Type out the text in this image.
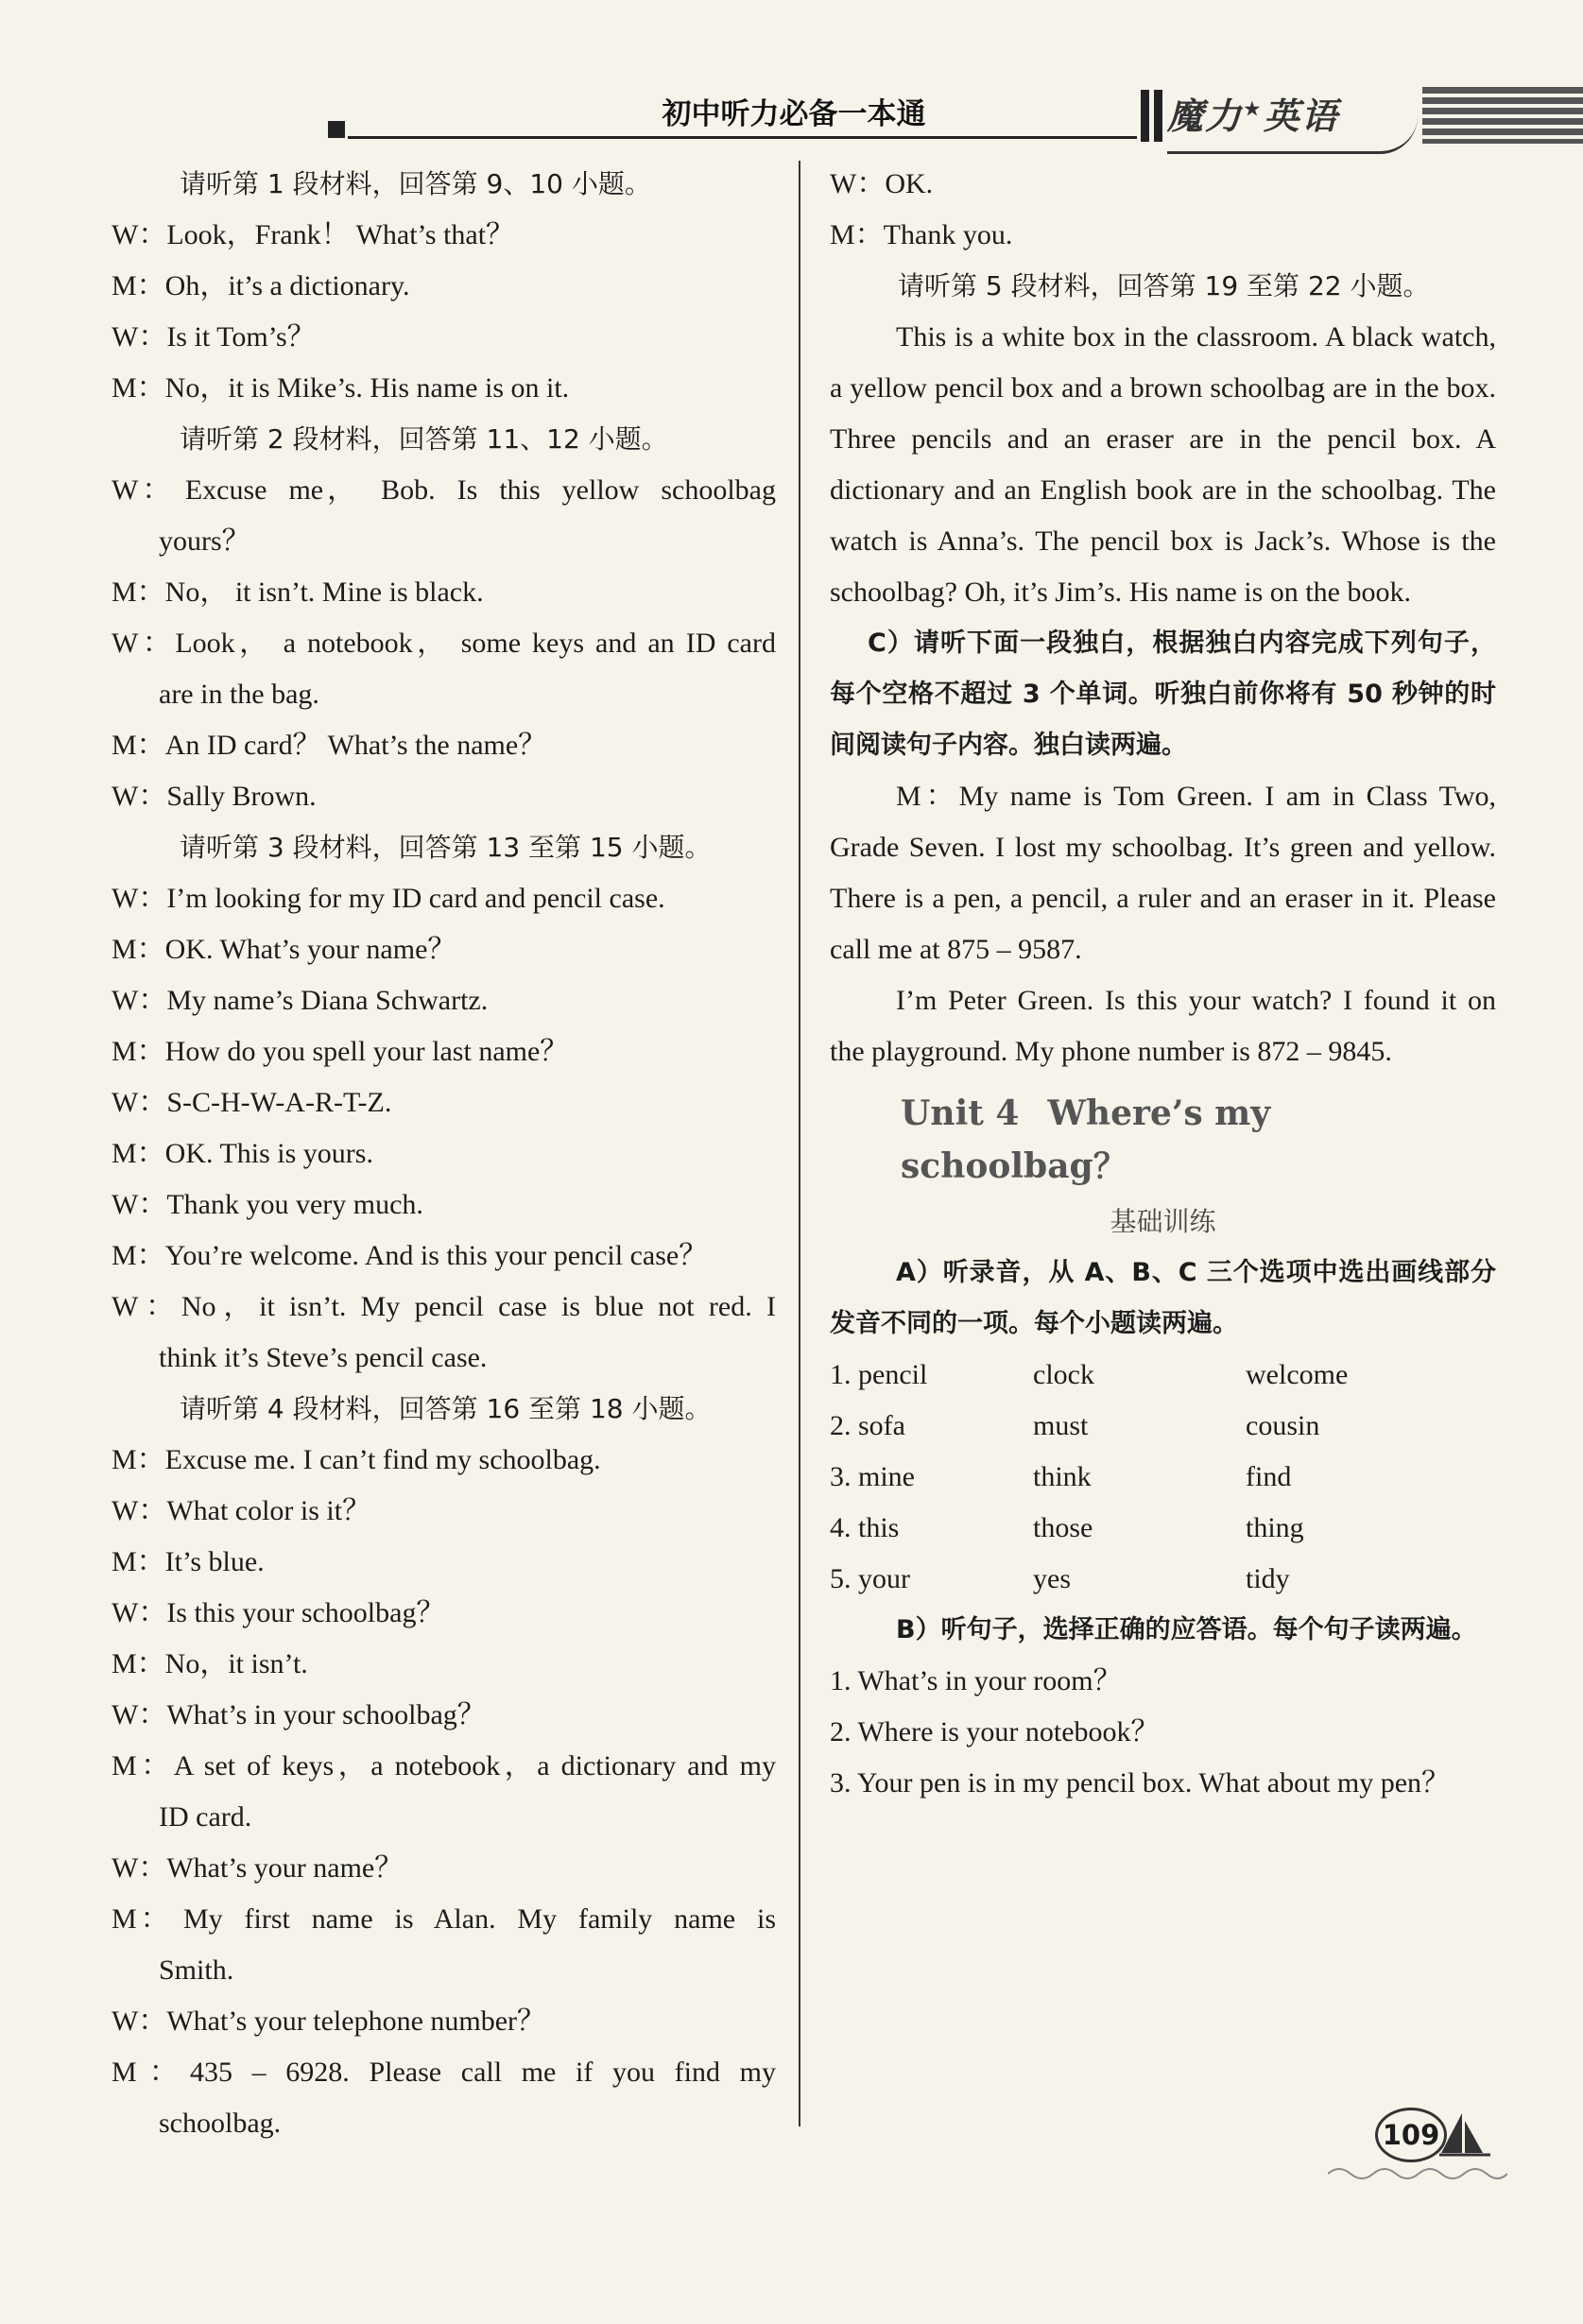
初中听力必备一本通	魔力★英语
请听第 1 段材料，回答第 9、10 小题。
W：Look，Frank！ What’s that？
M：Oh，it’s a dictionary.
W：Is it Tom’s？
M：No，it is Mike’s. His name is on it.
请听第 2 段材料，回答第 11、12 小题。
W： Excuse  me，  Bob.  Is  this  yellow  schoolbag
yours？
M：No， it isn’t. Mine is black.
W：Look， a notebook， some keys and an ID card
are in the bag.
M：An ID card？ What’s the name？
W：Sally Brown.
请听第 3 段材料，回答第 13 至第 15 小题。
W：I’m looking for my ID card and pencil case.
M：OK. What’s your name？
W：My name’s Diana Schwartz.
M：How do you spell your last name？
W：S-C-H-W-A-R-T-Z.
M：OK. This is yours.
W：Thank you very much.
M：You’re welcome. And is this your pencil case？
W：No，it isn’t. My pencil case is blue not red. I
think it’s Steve’s pencil case.
请听第 4 段材料，回答第 16 至第 18 小题。
M：Excuse me. I can’t find my schoolbag.
W：What color is it？
M：It’s blue.
W：Is this your schoolbag？
M：No，it isn’t.
W：What’s in your schoolbag？
M：A set of keys，a notebook，a dictionary and my
ID card.
W：What’s your name？
M： My  first  name  is  Alan.  My  family  name  is
Smith.
W：What’s your telephone number？
M：435 – 6928. Please call me if you find my
schoolbag.
W：OK.
M：Thank you.
请听第 5 段材料，回答第 19 至第 22 小题。
This is a white box in the classroom. A black watch, a yellow pencil box and a brown schoolbag are in the box. Three pencils and an eraser are in the pencil box. A dictionary and an English book are in the schoolbag. The watch is Anna’s. The pencil box is Jack’s. Whose is the schoolbag? Oh, it’s Jim’s. His name is on the book.
C）请听下面一段独白，根据独白内容完成下列句子，每个空格不超过 3 个单词。听独白前你将有 50 秒钟的时间阅读句子内容。独白读两遍。
M：My name is Tom Green. I am in Class Two, Grade Seven. I lost my schoolbag. It’s green and yellow. There is a pen, a pencil, a ruler and an eraser in it. Please call me at 875 – 9587.
I’m Peter Green. Is this your watch? I found it on the playground. My phone number is 872 – 9845.
Unit 4 Where’s my schoolbag？
基础训练
A）听录音，从 A、B、C 三个选项中选出画线部分发音不同的一项。每个小题读两遍。
1. pencil	clock	welcome
2. sofa	must	cousin
3. mine	think	find
4. this	those	thing
5. your	yes	tidy
B）听句子，选择正确的应答语。每个句子读两遍。
1. What’s in your room？
2. Where is your notebook？
3. Your pen is in my pencil box. What about my pen？
109
